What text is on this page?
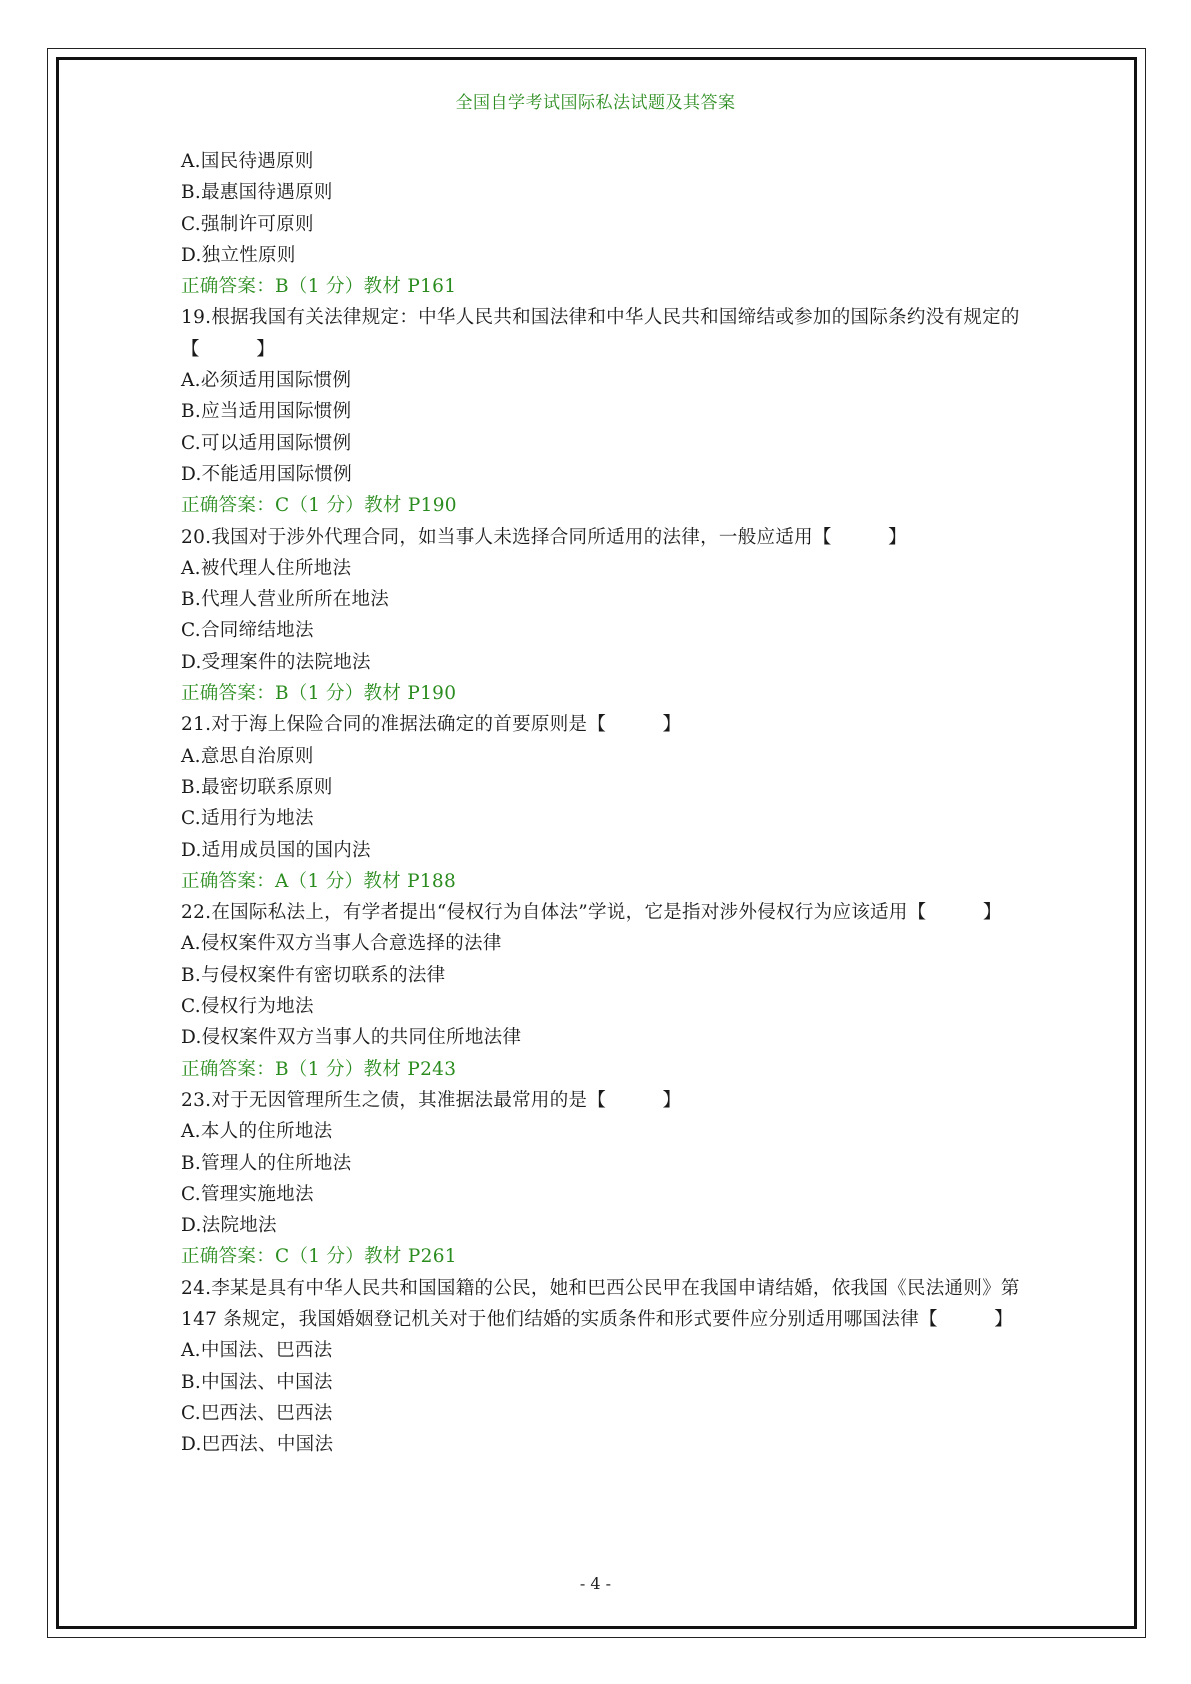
全国自学考试国际私法试题及其答案
A.国民待遇原则
B.最惠国待遇原则
C.强制许可原则
D.独立性原则
正确答案：B（1 分）教材 P161
19.根据我国有关法律规定：中华人民共和国法律和中华人民共和国缔结或参加的国际条约没有规定的【　　　】
A.必须适用国际惯例
B.应当适用国际惯例
C.可以适用国际惯例
D.不能适用国际惯例
正确答案：C（1 分）教材 P190
20.我国对于涉外代理合同，如当事人未选择合同所适用的法律，一般应适用【　　　】
A.被代理人住所地法
B.代理人营业所所在地法
C.合同缔结地法
D.受理案件的法院地法
正确答案：B（1 分）教材 P190
21.对于海上保险合同的准据法确定的首要原则是【　　　】
A.意思自治原则
B.最密切联系原则
C.适用行为地法
D.适用成员国的国内法
正确答案：A（1 分）教材 P188
22.在国际私法上，有学者提出“侵权行为自体法”学说，它是指对涉外侵权行为应该适用【　　　】
A.侵权案件双方当事人合意选择的法律
B.与侵权案件有密切联系的法律
C.侵权行为地法
D.侵权案件双方当事人的共同住所地法律
正确答案：B（1 分）教材 P243
23.对于无因管理所生之债，其准据法最常用的是【　　　】
A.本人的住所地法
B.管理人的住所地法
C.管理实施地法
D.法院地法
正确答案：C（1 分）教材 P261
24.李某是具有中华人民共和国国籍的公民，她和巴西公民甲在我国申请结婚，依我国《民法通则》第 147 条规定，我国婚姻登记机关对于他们结婚的实质条件和形式要件应分别适用哪国法律【　　　】
A.中国法、巴西法
B.中国法、中国法
C.巴西法、巴西法
D.巴西法、中国法
- 4 -
